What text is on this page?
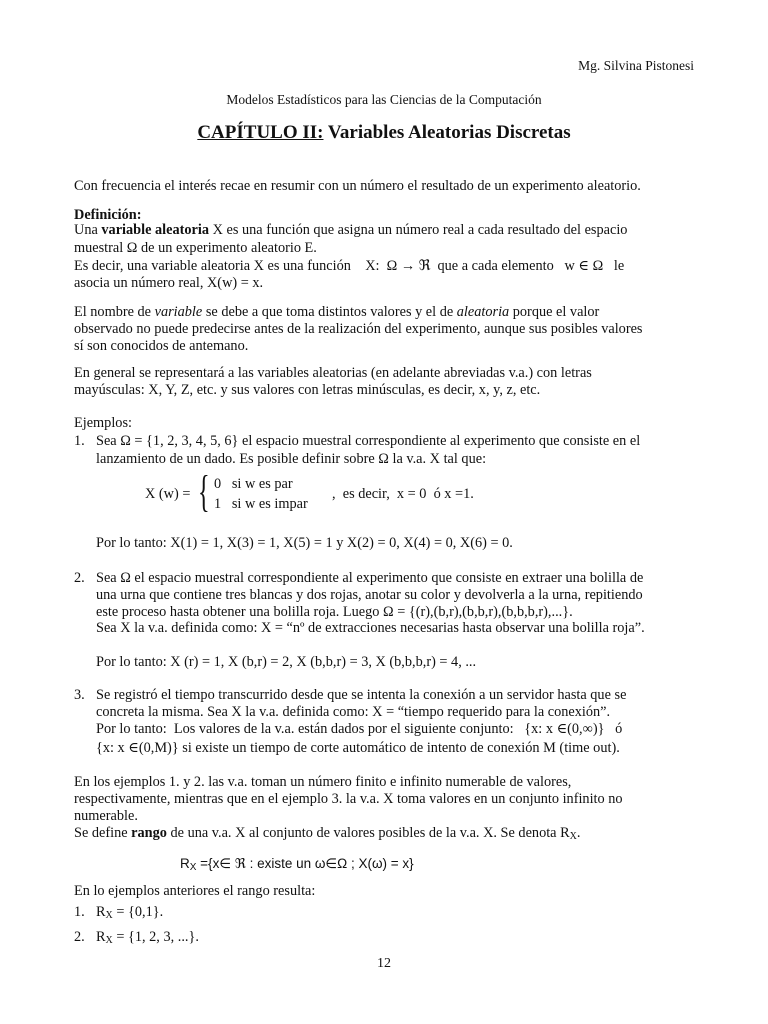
Mg. Silvina Pistonesi
Modelos Estadísticos para las Ciencias de la Computación
CAPÍTULO II: Variables Aleatorias Discretas
Con frecuencia el interés recae en resumir con un número el resultado de un experimento aleatorio.
Definición:
Una variable aleatoria X es una función que asigna un número real a cada resultado del espacio
muestral Ω de un experimento aleatorio E.
Es decir, una variable aleatoria X es una función    X:  Ω → ℜ  que a cada elemento   w ∈ Ω   le
asocia un número real, X(w) = x.
El nombre de variable se debe a que toma distintos valores y el de aleatoria porque el valor
observado no puede predecirse antes de la realización del experimento, aunque sus posibles valores
sí son conocidos de antemano.
En general se representará a las variables aleatorias (en adelante abreviadas v.a.) con letras
mayúsculas: X, Y, Z, etc. y sus valores con letras minúsculas, es decir, x, y, z, etc.
Ejemplos:
1. Sea Ω = {1, 2, 3, 4, 5, 6} el espacio muestral correspondiente al experimento que consiste en el
lanzamiento de un dado. Es posible definir sobre Ω la v.a. X tal que:
X (w) = { 0   si w es par
1   si w es impar
,  es decir,  x = 0  ó x =1.
Por lo tanto: X(1) = 1, X(3) = 1, X(5) = 1 y X(2) = 0, X(4) = 0, X(6) = 0.
2. Sea Ω el espacio muestral correspondiente al experimento que consiste en extraer una bolilla de
una urna que contiene tres blancas y dos rojas, anotar su color y devolverla a la urna, repitiendo
este proceso hasta obtener una bolilla roja. Luego Ω = {(r),(b,r),(b,b,r),(b,b,b,r),...}.
Sea X la v.a. definida como: X = “nº de extracciones necesarias hasta observar una bolilla roja”.
Por lo tanto: X (r) = 1, X (b,r) = 2, X (b,b,r) = 3, X (b,b,b,r) = 4, ...
3. Se registró el tiempo transcurrido desde que se intenta la conexión a un servidor hasta que se
concreta la misma. Sea X la v.a. definida como: X = “tiempo requerido para la conexión”.
Por lo tanto:  Los valores de la v.a. están dados por el siguiente conjunto:   {x: x ∈(0,∞)}   ó
{x: x ∈(0,M)} si existe un tiempo de corte automático de intento de conexión M (time out).
En los ejemplos 1. y 2. las v.a. toman un número finito e infinito numerable de valores,
respectivamente, mientras que en el ejemplo 3. la v.a. X toma valores en un conjunto infinito no
numerable.
Se define rango de una v.a. X al conjunto de valores posibles de la v.a. X. Se denota $R_X$.
$R_X$ ={x∈ ℜ : existe un ω∈Ω ; X(ω) = x}
En lo ejemplos anteriores el rango resulta:
1. $R_X = \{0,1\}$.
2. $R_X = \{1$, 2, 3, ...}.
12
